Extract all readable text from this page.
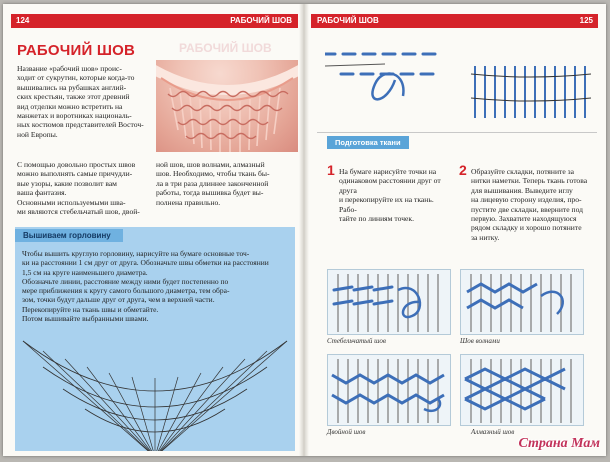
124	РАБОЧИЙ ШОВ
РАБОЧИЙ ШОВ	РАБОЧИЙ ШОВ
Название «рабочий шов» проис-
ходит от сукрутин, которые когда-то
вышивались на рубашках англий-
ских крестьян, также этот древний
вид отделки можно встретить на
манжетах и воротниках националь-
ных костюмов представителей Восточ-
ной Европы.
С помощью довольно простых швов
можно выполнять самые причудли-
вые узоры, какие позволит вам
ваша фантазия.
Основными используемыми шва-
ми являются стебельчатый шов, двой-
ной шов, шов волнами, алмазный
шов. Необходимо, чтобы ткань бы-
ла в три раза длиннее законченной
работы, тогда вышивка будет вы-
полнена правильно.
Вышиваем горловину
Чтобы вышить круглую горловину, нарисуйте на бумаге основные точ-
ки на расстоянии 1 см друг от друга. Обозначьте швы обметки на расстоянии
1,5 см на круге наименьшего диаметра.
Обозначьте линии, расстояние между ними будет постепенно по
мере приближения к кругу самого большого диаметра, тем обра-
зом, точки будут дальше друг от друга, чем в верхней части.
Перекопируйте на ткань швы и обметайте.
Потом вышивайте выбранными швами.
РАБОЧИЙ ШОВ	125
Подготовка ткани
1 На бумаге нарисуйте точки на
одинаковом расстоянии друг от друга
и перекопируйте их на ткань. Рабо-
тайте по линиям точек.
2 Образуйте складки, потяните за
нитки наметки. Теперь ткань готова
для вышивания. Выведите иглу
на лицевую сторону изделия, про-
пустите две складки, вверните под
первую. Захватите находящуюся
рядом складку и хорошо потяните
за нитку.
Стебельчатый шов	Шов волнами
Двойной шов	Алмазный шов
Страна Мам
